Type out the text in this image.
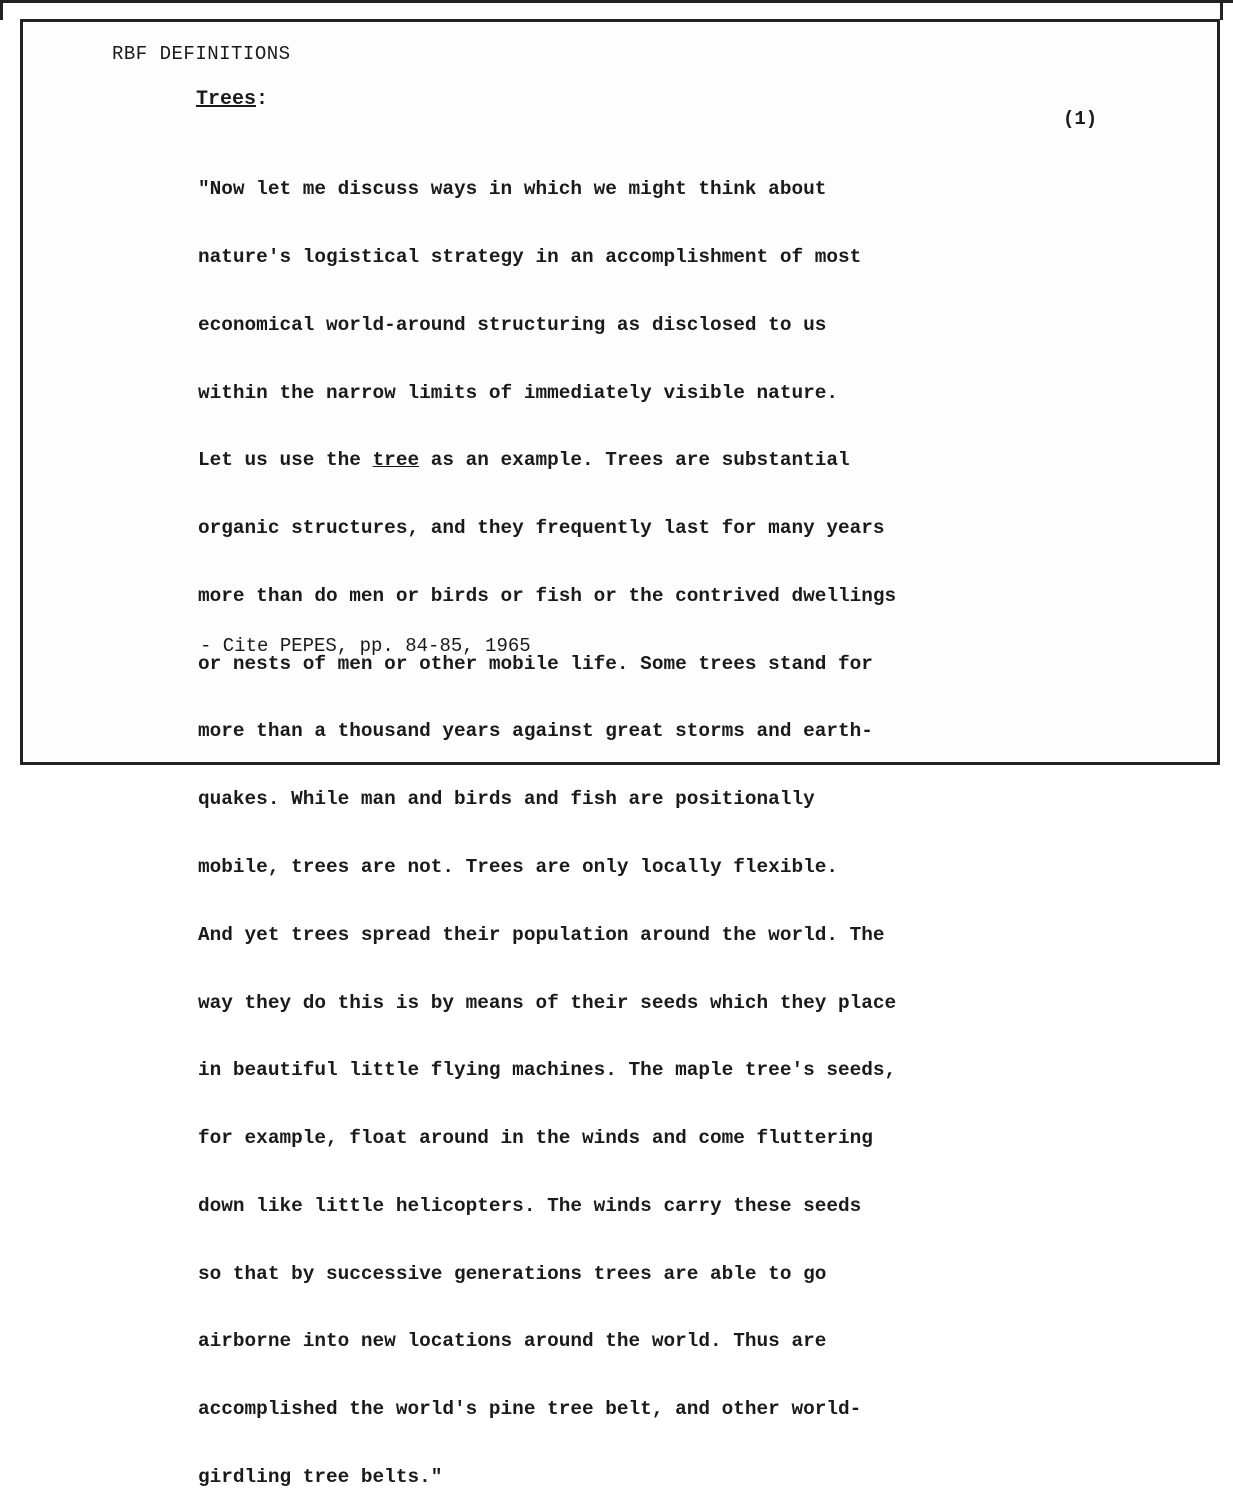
RBF DEFINITIONS
Trees:
(1)

"Now let me discuss ways in which we might think about

nature's logistical strategy in an accomplishment of most

economical world-around structuring as disclosed to us

within the narrow limits of immediately visible nature.

Let us use the tree as an example. Trees are substantial

organic structures, and they frequently last for many years

more than do men or birds or fish or the contrived dwellings

or nests of men or other mobile life. Some trees stand for

more than a thousand years against great storms and earth-

quakes. While man and birds and fish are positionally

mobile, trees are not. Trees are only locally flexible.

And yet trees spread their population around the world. The

way they do this is by means of their seeds which they place

in beautiful little flying machines. The maple tree's seeds,

for example, float around in the winds and come fluttering

down like little helicopters. The winds carry these seeds

so that by successive generations trees are able to go

airborne into new locations around the world. Thus are

accomplished the world's pine tree belt, and other world-

girdling tree belts."

- Cite PEPES, pp. 84-85, 1965
